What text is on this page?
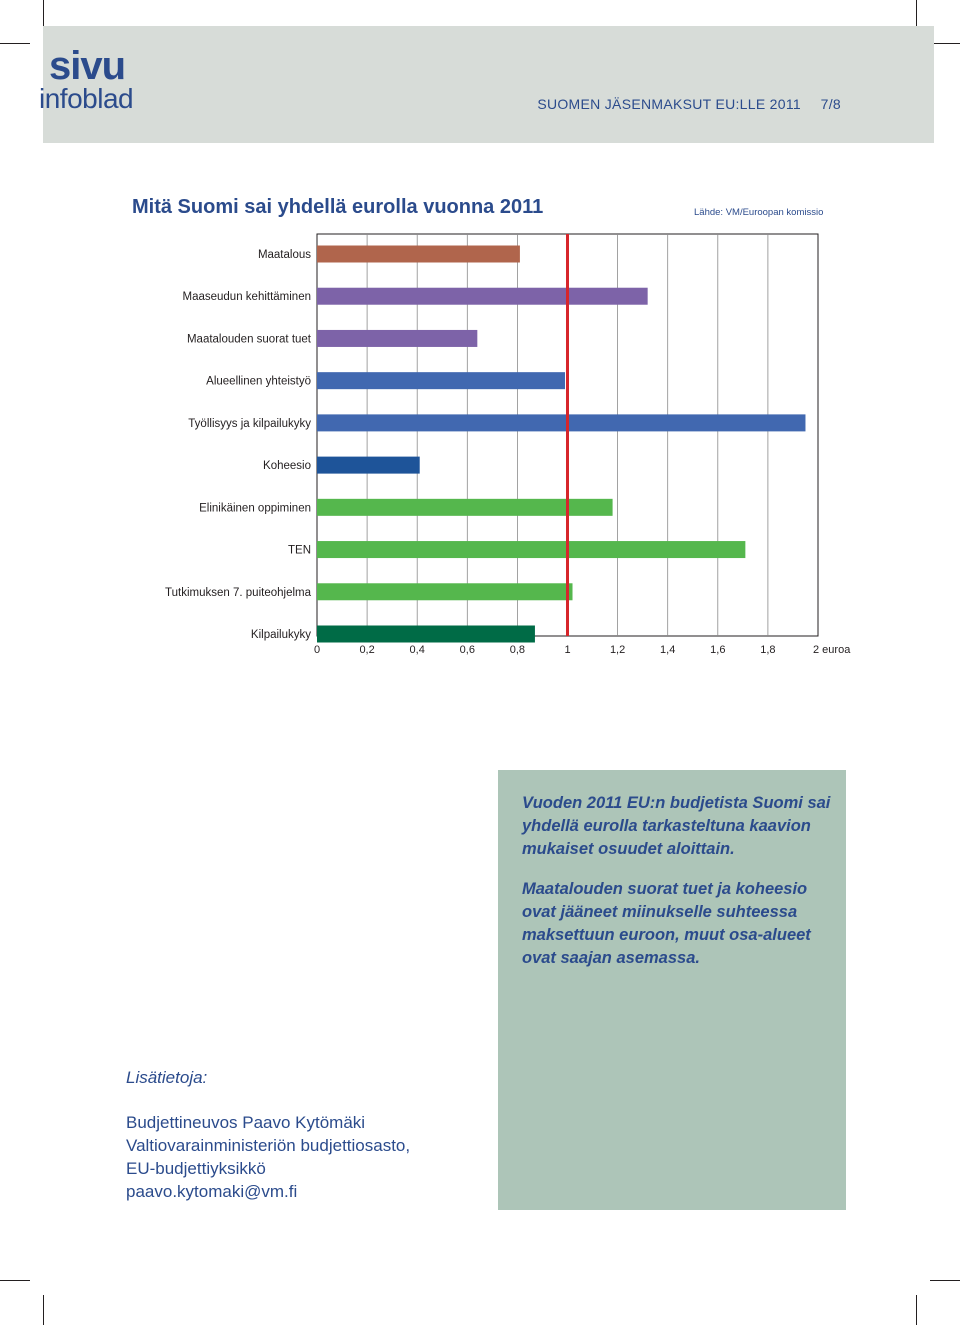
sivu
infoblad	SUOMEN JÄSENMAKSUT EU:LLE 2011 7/8
Mitä Suomi sai yhdellä eurolla vuonna 2011	Lähde: VM/Euroopan komissio
0	0,2	0,4	0,6	0,8	1	1,2	1,4	1,6	1,8	2 euroa
Maatalous
Maaseudun kehittäminen
Maatalouden suorat tuet
Alueellinen yhteistyö
Työllisyys ja kilpailukyky
Koheesio
Elinikäinen oppiminen
TEN
Tutkimuksen 7. puiteohjelma
Kilpailukyky

Vuoden 2011 EU:n budjetista Suomi sai yhdellä eurolla tarkasteltuna kaavion mukaiset osuudet aloittain.

Maatalouden suorat tuet ja koheesio ovat jääneet miinukselle suhteessa maksettuun euroon, muut osa-alueet ovat saajan asemassa.

Lisätietoja:
Budjettineuvos Paavo Kytömäki
Valtiovarainministeriön budjettiosasto,
EU-budjettiyksikkö
paavo.kytomaki@vm.fi
